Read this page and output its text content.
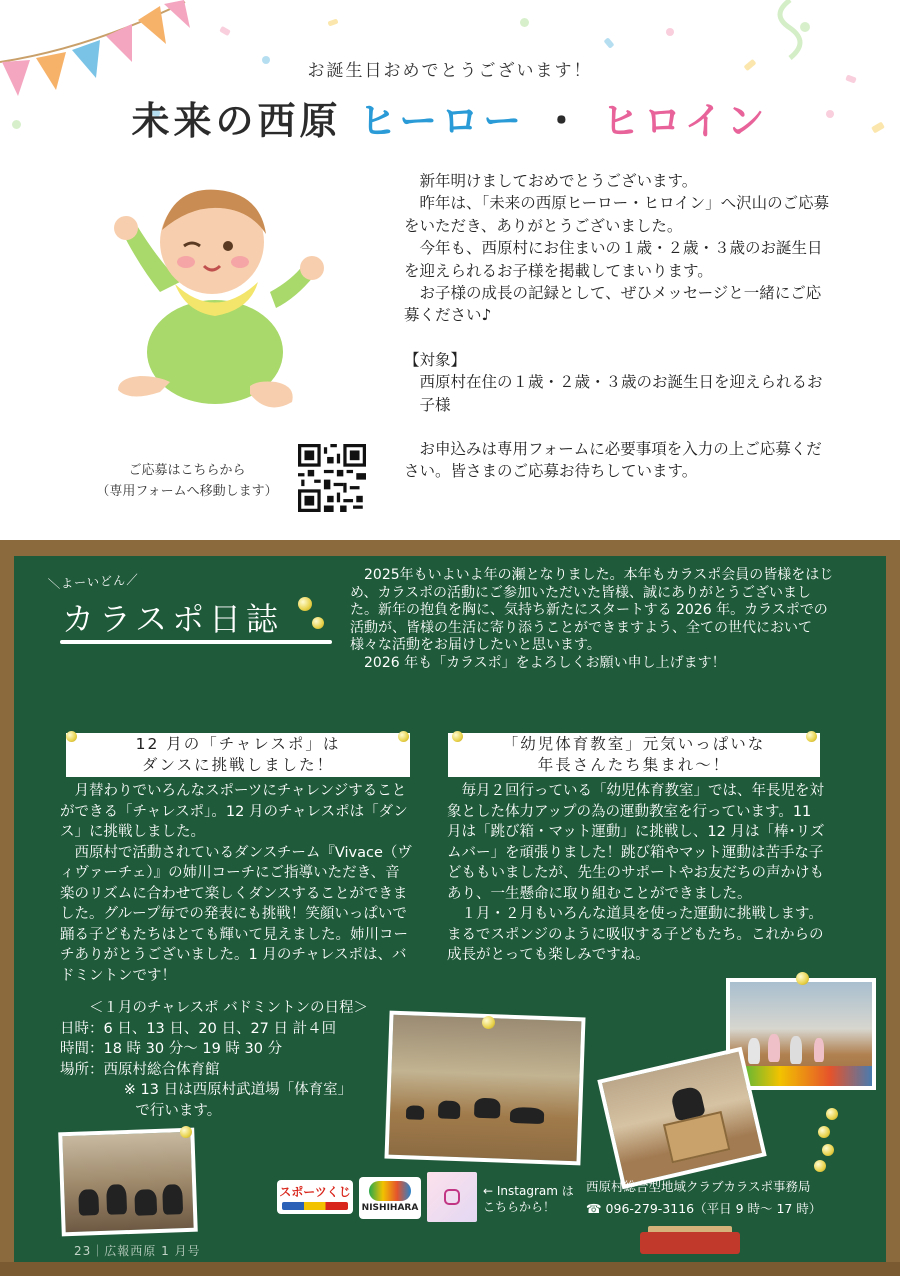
お誕生日おめでとうございます！
未来の西原 ヒーロー ・ ヒロイン

新年明けましておめでとうございます。

昨年は、「未来の西原ヒーロー・ヒロイン」へ沢山のご応募をいただき、ありがとうございました。

今年も、西原村にお住まいの１歳・２歳・３歳のお誕生日を迎えられるお子様を掲載してまいります。

お子様の成長の記録として、ぜひメッセージと一緒にご応募ください♪

【対象】

西原村在住の１歳・２歳・３歳のお誕生日を迎えられるお子様

お申込みは専用フォームに必要事項を入力の上ご応募ください。皆さまのご応募お待ちしています。

ご応募はこちらから
（専用フォームへ移動します）
＼よーいどん／
カラスポ日誌

2025年もいよいよ年の瀬となりました。本年もカラスポ会員の皆様をはじめ、カラスポの活動にご参加いただいた皆様、誠にありがとうございました。新年の抱負を胸に、気持ち新たにスタートする 2026 年。カラスポでの活動が、皆様の生活に寄り添うことができますよう、全ての世代において様々な活動をお届けしたいと思います。

2026 年も「カラスポ」をよろしくお願い申し上げます！

12 月の「チャレスポ」は
ダンスに挑戦しました！

月替わりでいろんなスポーツにチャレンジすることができる「チャレスポ」。12 月のチャレスポは「ダンス」に挑戦しました。

西原村で活動されているダンスチーム『Vivace（ヴィヴァーチェ）』の姉川コーチにご指導いただき、音楽のリズムに合わせて楽しくダンスすることができました。グループ毎での発表にも挑戦！笑顔いっぱいで踊る子どもたちはとても輝いて見えました。姉川コーチありがとうございました。1 月のチャレスポは、バドミントンです！

＜１月のチャレスポ バドミントンの日程＞
日時：6 日、13 日、20 日、27 日 計４回
時間：18 時 30 分～ 19 時 30 分
場所：西原村総合体育館
※ 13 日は西原村武道場「体育室」
で行います。
「幼児体育教室」元気いっぱいな
年長さんたち集まれ～！

毎月２回行っている「幼児体育教室」では、年長児を対象とした体力アップの為の運動教室を行っています。11 月は「跳び箱・マット運動」に挑戦し、12 月は「棒･リズムバー」を頑張りました！跳び箱やマット運動は苦手な子どももいましたが、先生のサポートやお友だちの声かけもあり、一生懸命に取り組むことができました。

１月・２月もいろんな道具を使った運動に挑戦します。まるでスポンジのように吸収する子どもたち。これからの成長がとっても楽しみですね。

スポーツくじ
NISHIHARA
← Instagram は
こちらから！
西原村総合型地域クラブカラスポ事務局
☎ 096-279-3116（平日 9 時～ 17 時）
23｜広報西原 1 月号
